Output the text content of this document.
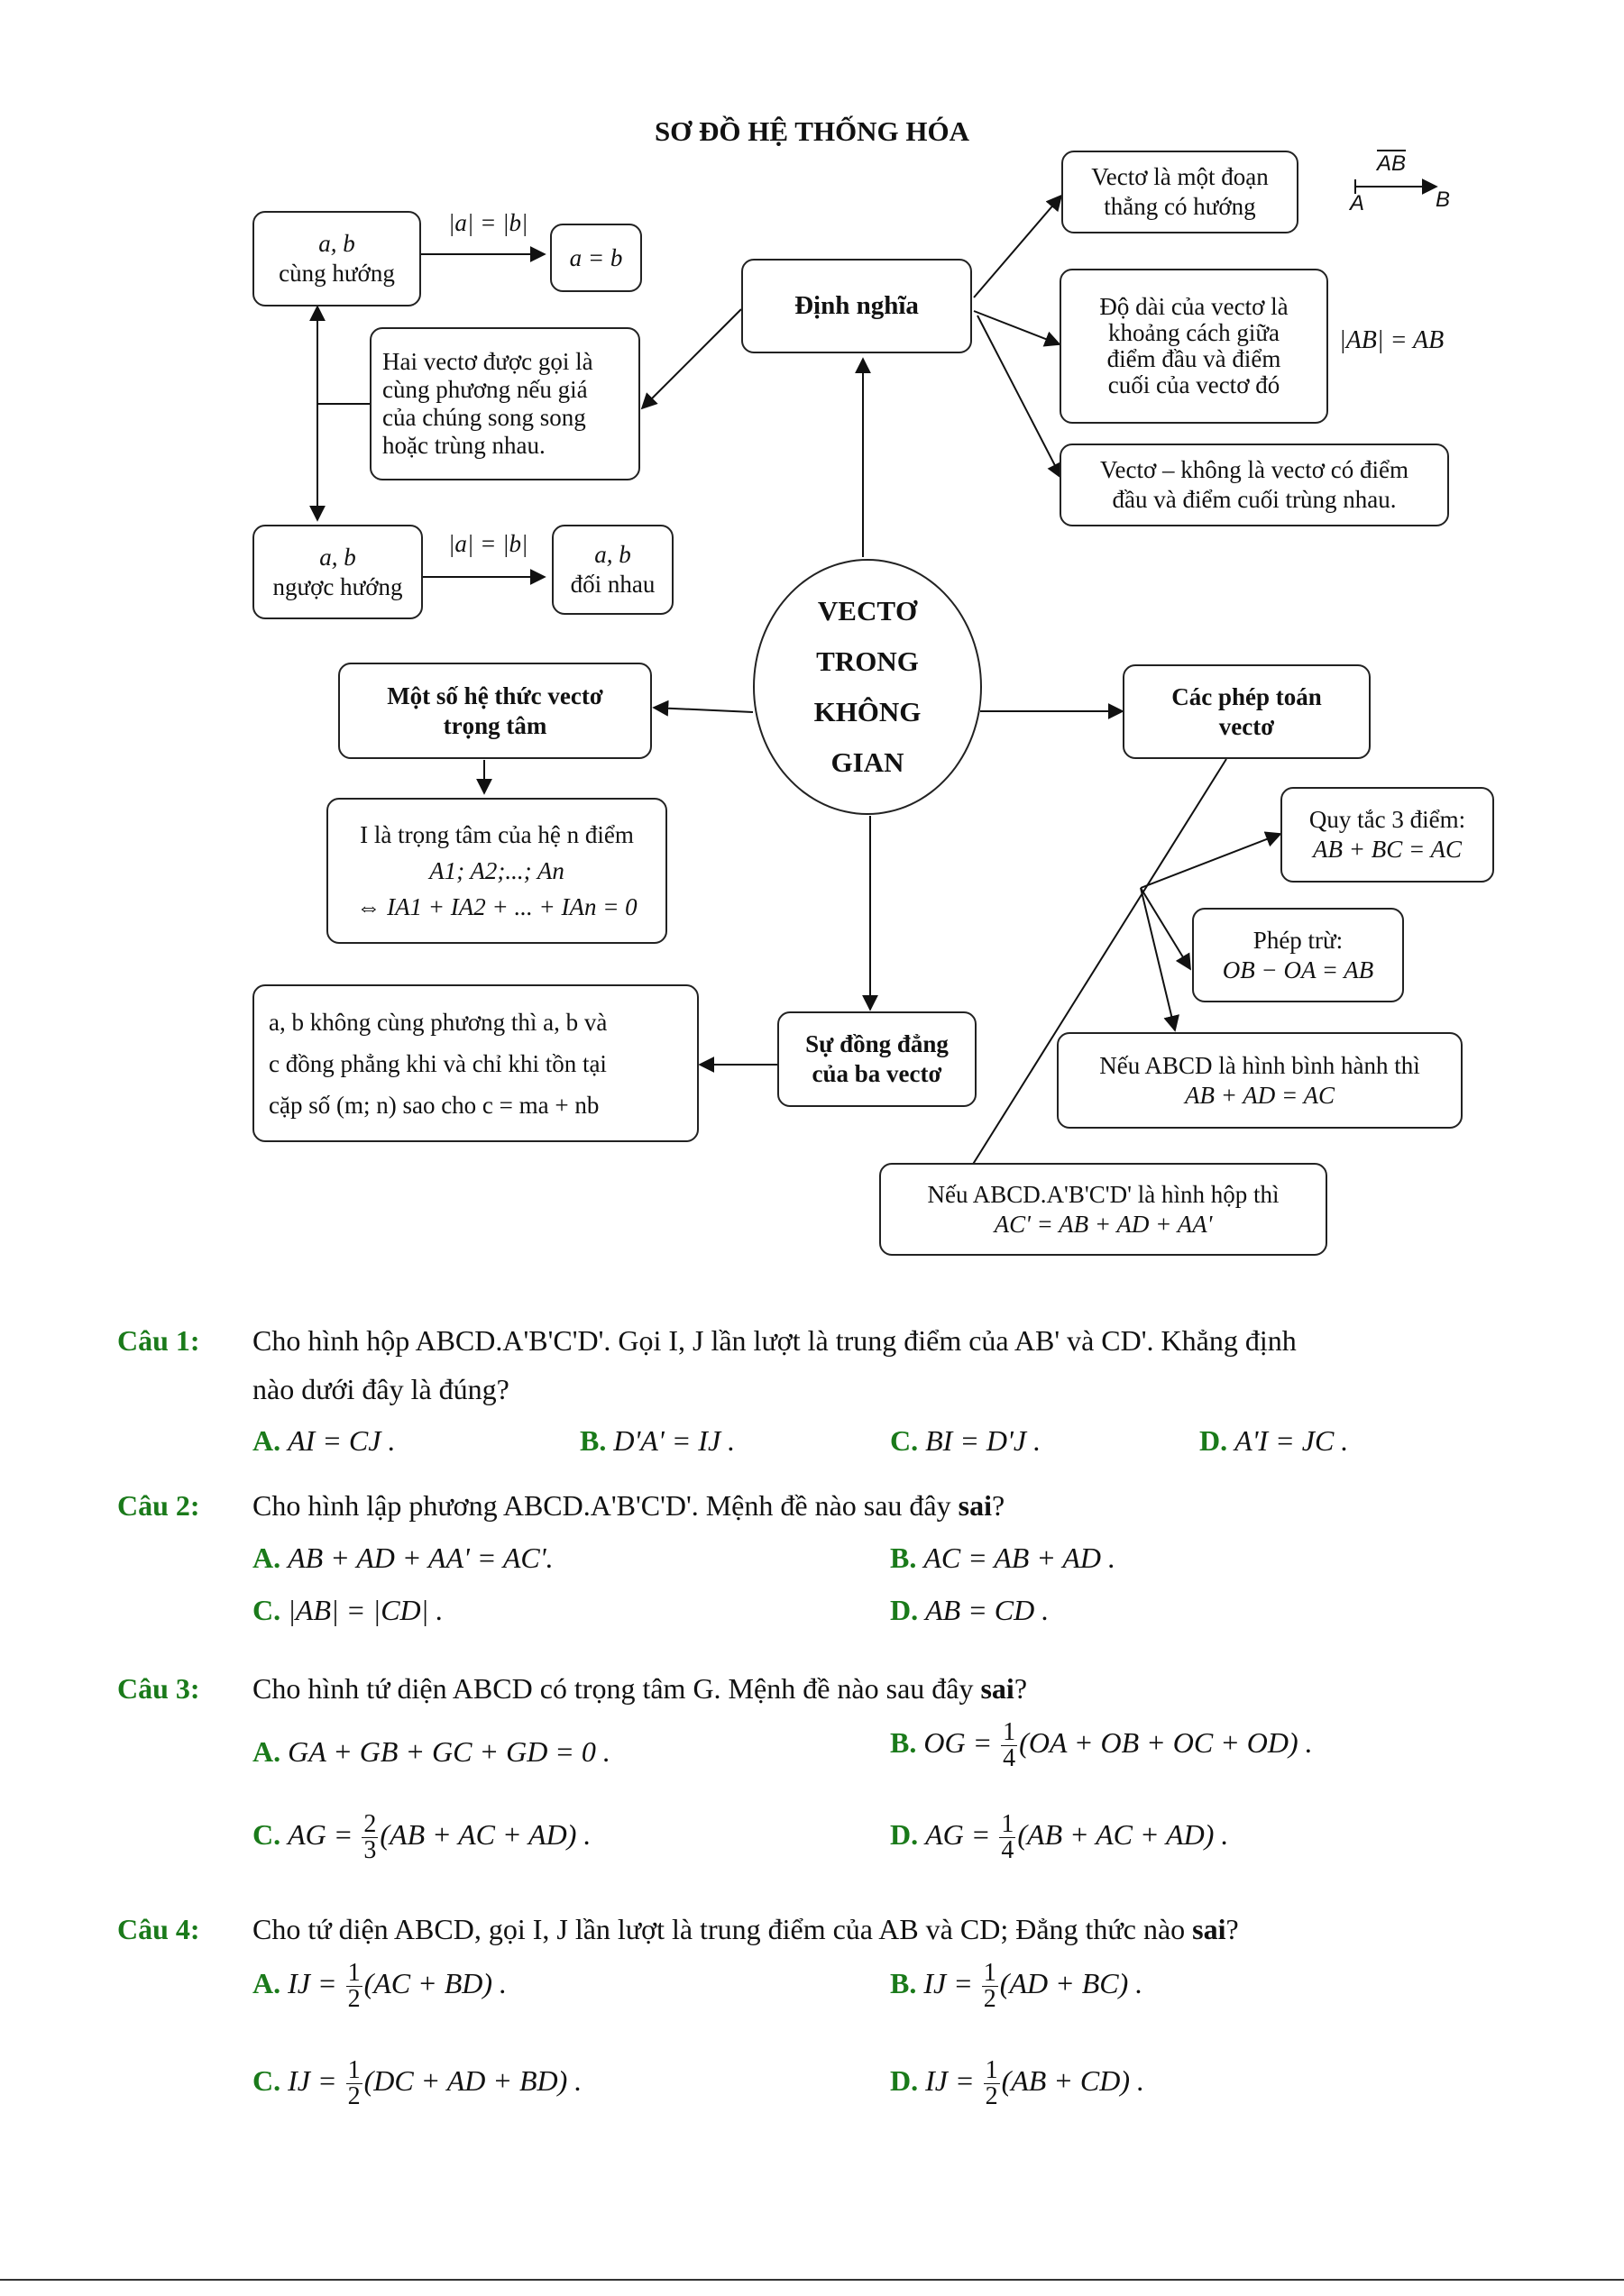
SƠ ĐỒ HỆ THỐNG HÓA
$\overline{AB}$
A	B
VECTƠ
TRONG
KHÔNG
GIAN
Định nghĩa
Vectơ là một đoạn
thẳng có hướng
Độ dài của vectơ là
khoảng cách giữa
điểm đầu và điểm
cuối của vectơ đó
|AB| = AB
Vectơ – không là vectơ có điểm
đầu và điểm cuối trùng nhau.
Hai vectơ được gọi là
cùng phương nếu giá
của chúng song song
hoặc trùng nhau.
a, b
cùng hướng
|a| = |b|
a = b
a, b
ngược hướng
|a| = |b|	a, b
đối nhau
Một số hệ thức vectơ
trọng tâm
I là trọng tâm của hệ n điểm
A1; A2;...; An
⇔ IA1 + IA2 + ... + IAn = 0
Sự đồng đẳng
của ba vectơ
a, b không cùng phương thì a, b và
c đồng phẳng khi và chỉ khi tồn tại
cặp số (m; n) sao cho c = ma + nb
Các phép toán
vectơ
Quy tắc 3 điểm:
AB + BC = AC
Phép trừ:
OB − OA = AB
Nếu ABCD là hình bình hành thì
AB + AD = AC
Nếu ABCD.A'B'C'D' là hình hộp thì
AC' = AB + AD + AA'
Câu 1: Cho hình hộp ABCD.A'B'C'D'. Gọi I, J lần lượt là trung điểm của AB' và CD'. Khẳng định
nào dưới đây là đúng?
A. AI = CJ .	B. D'A' = IJ .	C. BI = D'J .	D. A'I = JC .
Câu 2: Cho hình lập phương ABCD.A'B'C'D'. Mệnh đề nào sau đây sai?
A. AB + AD + AA' = AC'.	B. AC = AB + AD .
C. |AB| = |CD| .	D. AB = CD .
Câu 3: Cho hình tứ diện ABCD có trọng tâm G. Mệnh đề nào sau đây sai?
A. GA + GB + GC + GD = 0 .	B. OG = $\frac{1}{4} (OA$ + OB + OC + OD) .
C. AG = $\frac{2}{3} (AB$ + AC + AD) .	D. AG = $\frac{1}{4} (AB$ + AC + AD) .
Câu 4: Cho tứ diện ABCD, gọi I, J lần lượt là trung điểm của AB và CD; Đẳng thức nào sai?
A. IJ = $\frac{1}{2} (AC + BD)$ .	B. IJ = $\frac{1}{2} (AD + BC)$ .
C. IJ = $\frac{1}{2} (DC$ + AD + BD) .	D. IJ = $\frac{1}{2} (AB + CD)$ .
